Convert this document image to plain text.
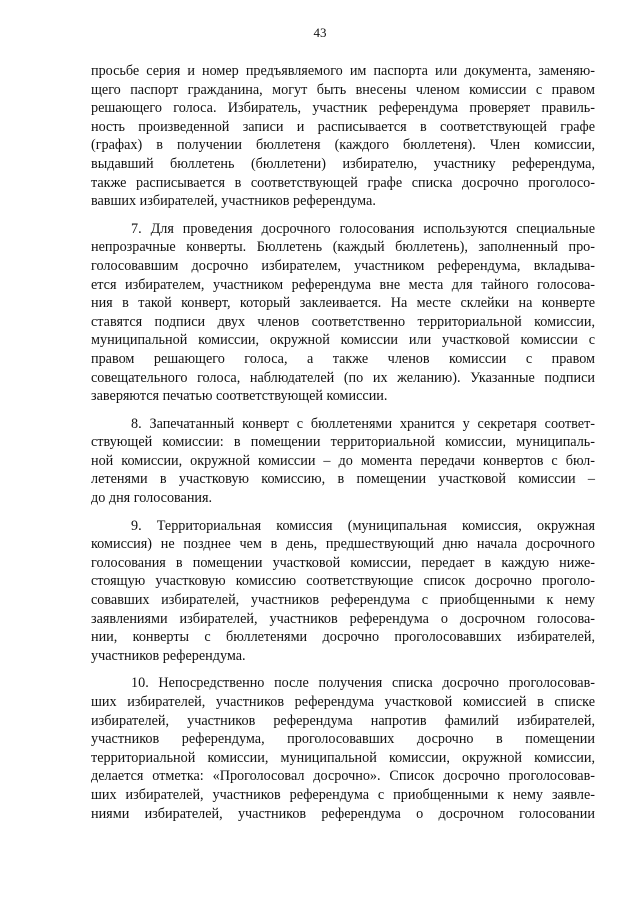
43

просьбе серия и номер предъявляемого им паспорта или документа, заменяю-

щего паспорт гражданина, могут быть внесены членом комиссии с правом

решающего голоса. Избиратель, участник референдума проверяет правиль-

ность произведенной записи и расписывается в соответствующей графе

(графах) в получении бюллетеня (каждого бюллетеня). Член комиссии,

выдавший бюллетень (бюллетени) избирателю, участнику референдума,

также расписывается в соответствующей графе списка досрочно проголосо-

вавших избирателей, участников референдума.

7. Для проведения досрочного голосования используются специальные

непрозрачные конверты. Бюллетень (каждый бюллетень), заполненный про-

голосовавшим досрочно избирателем, участником референдума, вкладыва-

ется избирателем, участником референдума вне места для тайного голосова-

ния в такой конверт, который заклеивается. На месте склейки на конверте

ставятся подписи двух членов соответственно территориальной комиссии,

муниципальной комиссии, окружной комиссии или участковой комиссии с

правом решающего голоса, а также членов комиссии с правом

совещательного голоса, наблюдателей (по их желанию). Указанные подписи

заверяются печатью соответствующей комиссии.

8. Запечатанный конверт с бюллетенями хранится у секретаря соответ-

ствующей комиссии: в помещении территориальной комиссии, муниципаль-

ной комиссии, окружной комиссии – до момента передачи конвертов с бюл-

летенями в участковую комиссию, в помещении участковой комиссии –

до дня голосования.

9. Территориальная комиссия (муниципальная комиссия, окружная

комиссия) не позднее чем в день, предшествующий дню начала досрочного

голосования в помещении участковой комиссии, передает в каждую ниже-

стоящую участковую комиссию соответствующие список досрочно проголо-

совавших избирателей, участников референдума с приобщенными к нему

заявлениями избирателей, участников референдума о досрочном голосова-

нии, конверты с бюллетенями досрочно проголосовавших избирателей,

участников референдума.

10. Непосредственно после получения списка досрочно проголосовав-

ших избирателей, участников референдума участковой комиссией в списке

избирателей, участников референдума напротив фамилий избирателей,

участников референдума, проголосовавших досрочно в помещении

территориальной комиссии, муниципальной комиссии, окружной комиссии,

делается отметка: «Проголосовал досрочно». Список досрочно проголосовав-

ших избирателей, участников референдума с приобщенными к нему заявле-

ниями избирателей, участников референдума о досрочном голосовании
